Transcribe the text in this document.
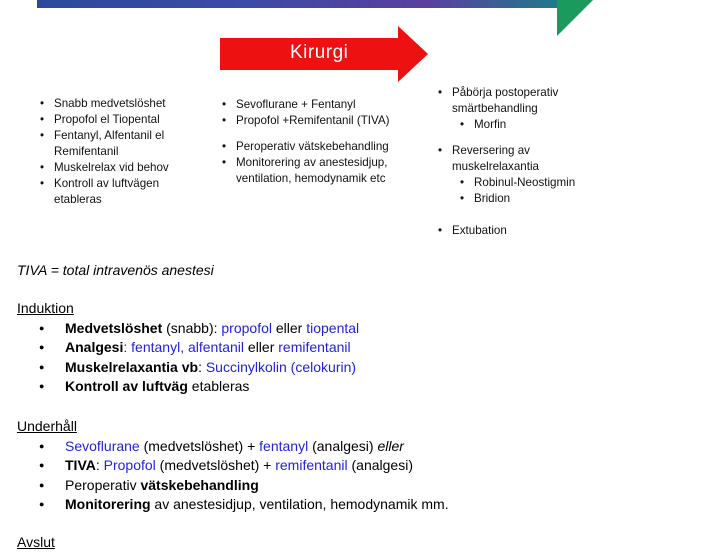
Kirurgi
• Snabb medvetslöshet
• Propofol el Tiopental
• Fentanyl, Alfentanil el
Remifentanil
• Muskelrelax vid behov
• Kontroll av luftvägen
etableras
• Sevoflurane + Fentanyl
• Propofol +Remifentanil (TIVA)
• Peroperativ vätskebehandling
• Monitorering av anestesidjup,
ventilation, hemodynamik etc
• Påbörja postoperativ
smärtbehandling
• Morfin
• Reversering av
muskelrelaxantia
• Robinul-Neostigmin
• Bridion
• Extubation
TIVA = total intravenös anestesi
Induktion
● Medvetslöshet (snabb): propofol eller tiopental
● Analgesi: fentanyl, alfentanil eller remifentanil
● Muskelrelaxantia vb: Succinylkolin (celokurin)
● Kontroll av luftväg etableras
Underhåll
● Sevoflurane (medvetslöshet) + fentanyl (analgesi) eller
● TIVA: Propofol (medvetslöshet) + remifentanil (analgesi)
● Peroperativ vätskebehandling
● Monitorering av anestesidjup, ventilation, hemodynamik mm.
Avslut
